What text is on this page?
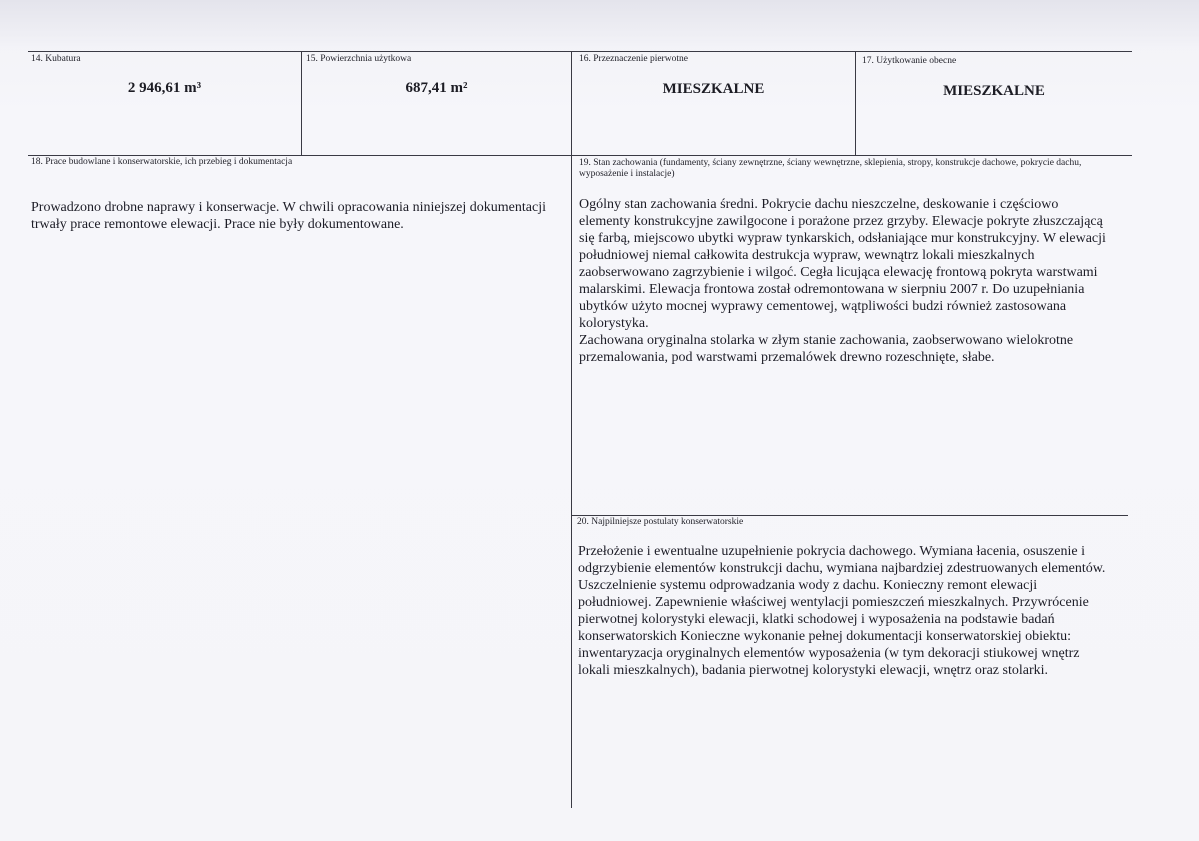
14. Kubatura
2 946,61 m³
15. Powierzchnia użytkowa
687,41 m²
16. Przeznaczenie pierwotne
MIESZKALNE
17. Użytkowanie obecne
MIESZKALNE
18. Prace budowlane i konserwatorskie, ich przebieg i dokumentacja
Prowadzono drobne naprawy i konserwacje. W chwili opracowania niniejszej dokumentacji trwały prace remontowe elewacji. Prace nie były dokumentowane.
19. Stan zachowania (fundamenty, ściany zewnętrzne, ściany wewnętrzne, sklepienia, stropy, konstrukcje dachowe, pokrycie dachu, wyposażenie i instalacje)

Ogólny stan zachowania średni. Pokrycie dachu nieszczelne, deskowanie i częściowo elementy konstrukcyjne zawilgocone i porażone przez grzyby. Elewacje pokryte złuszczającą się farbą, miejscowo ubytki wypraw tynkarskich, odsłaniające mur konstrukcyjny. W elewacji południowej niemal całkowita destrukcja wypraw, wewnątrz lokali mieszkalnych zaobserwowano zagrzybienie i wilgoć. Cegła licująca elewację frontową pokryta warstwami malarskimi. Elewacja frontowa został odremontowana w sierpniu 2007 r. Do uzupełniania ubytków użyto mocnej wyprawy cementowej, wątpliwości budzi również zastosowana kolorystyka.

Zachowana oryginalna stolarka w złym stanie zachowania, zaobserwowano wielokrotne przemalowania, pod warstwami przemalówek drewno rozeschnięte, słabe.

20. Najpilniejsze postulaty konserwatorskie
Przełożenie i ewentualne uzupełnienie pokrycia dachowego. Wymiana łacenia, osuszenie i odgrzybienie elementów konstrukcji dachu, wymiana najbardziej zdestruowanych elementów. Uszczelnienie systemu odprowadzania wody z dachu. Konieczny remont elewacji południowej. Zapewnienie właściwej wentylacji pomieszczeń mieszkalnych. Przywrócenie pierwotnej kolorystyki elewacji, klatki schodowej i wyposażenia na podstawie badań konserwatorskich Konieczne wykonanie pełnej dokumentacji konserwatorskiej obiektu: inwentaryzacja oryginalnych elementów wyposażenia (w tym dekoracji stiukowej wnętrz lokali mieszkalnych), badania pierwotnej kolorystyki elewacji, wnętrz oraz stolarki.
